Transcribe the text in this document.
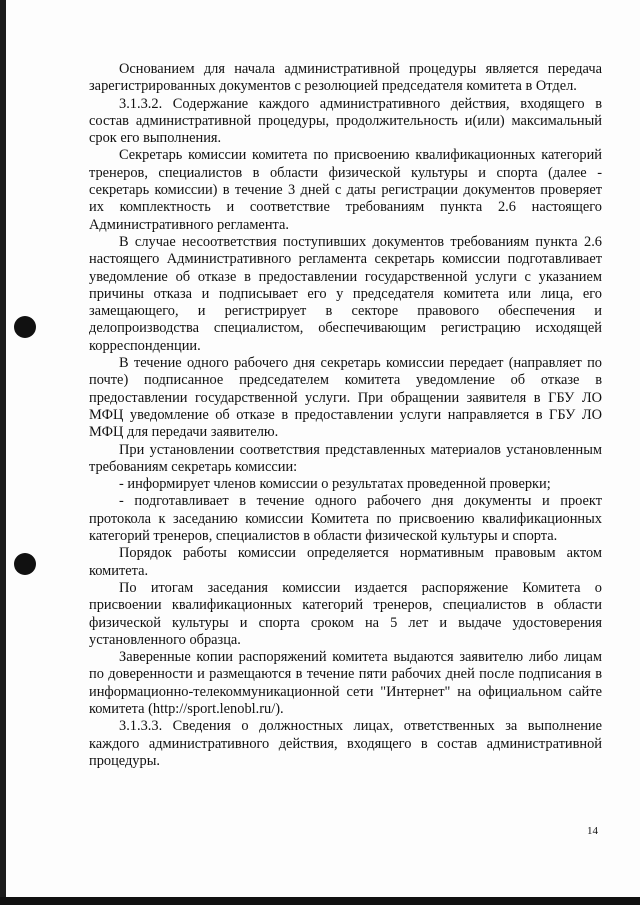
Основанием для начала административной процедуры является передача зарегистрированных документов с резолюцией председателя комитета в Отдел.

3.1.3.2. Содержание каждого административного действия, входящего в состав административной процедуры, продолжительность и(или) максимальный срок его выполнения.

Секретарь комиссии комитета по присвоению квалификационных категорий тренеров, специалистов в области физической культуры и спорта (далее - секретарь комиссии) в течение 3 дней с даты регистрации документов проверяет их комплектность и соответствие требованиям пункта 2.6 настоящего Административного регламента.

В случае несоответствия поступивших документов требованиям пункта 2.6 настоящего Административного регламента секретарь комиссии подготавливает уведомление об отказе в предоставлении государственной услуги с указанием причины отказа и подписывает его у председателя комитета или лица, его замещающего, и регистрирует в секторе правового обеспечения и делопроизводства специалистом, обеспечивающим регистрацию исходящей корреспонденции.

В течение одного рабочего дня секретарь комиссии передает (направляет по почте) подписанное председателем комитета уведомление об отказе в предоставлении государственной услуги. При обращении заявителя в ГБУ ЛО МФЦ уведомление об отказе в предоставлении услуги направляется в ГБУ ЛО МФЦ для передачи заявителю.

При установлении соответствия представленных материалов установленным требованиям секретарь комиссии:

- информирует членов комиссии о результатах проведенной проверки;

- подготавливает в течение одного рабочего дня документы и проект протокола к заседанию комиссии Комитета по присвоению квалификационных категорий тренеров, специалистов в области физической культуры и спорта.

Порядок работы комиссии определяется нормативным правовым актом комитета.

По итогам заседания комиссии издается распоряжение Комитета о присвоении квалификационных категорий тренеров, специалистов в области физической культуры и спорта сроком на 5 лет и выдаче удостоверения установленного образца.

Заверенные копии распоряжений комитета выдаются заявителю либо лицам по доверенности и размещаются в течение пяти рабочих дней после подписания в информационно-телекоммуникационной сети "Интернет" на официальном сайте комитета (http://sport.lenobl.ru/).

3.1.3.3. Сведения о должностных лицах, ответственных за выполнение каждого административного действия, входящего в состав административной процедуры.

14
